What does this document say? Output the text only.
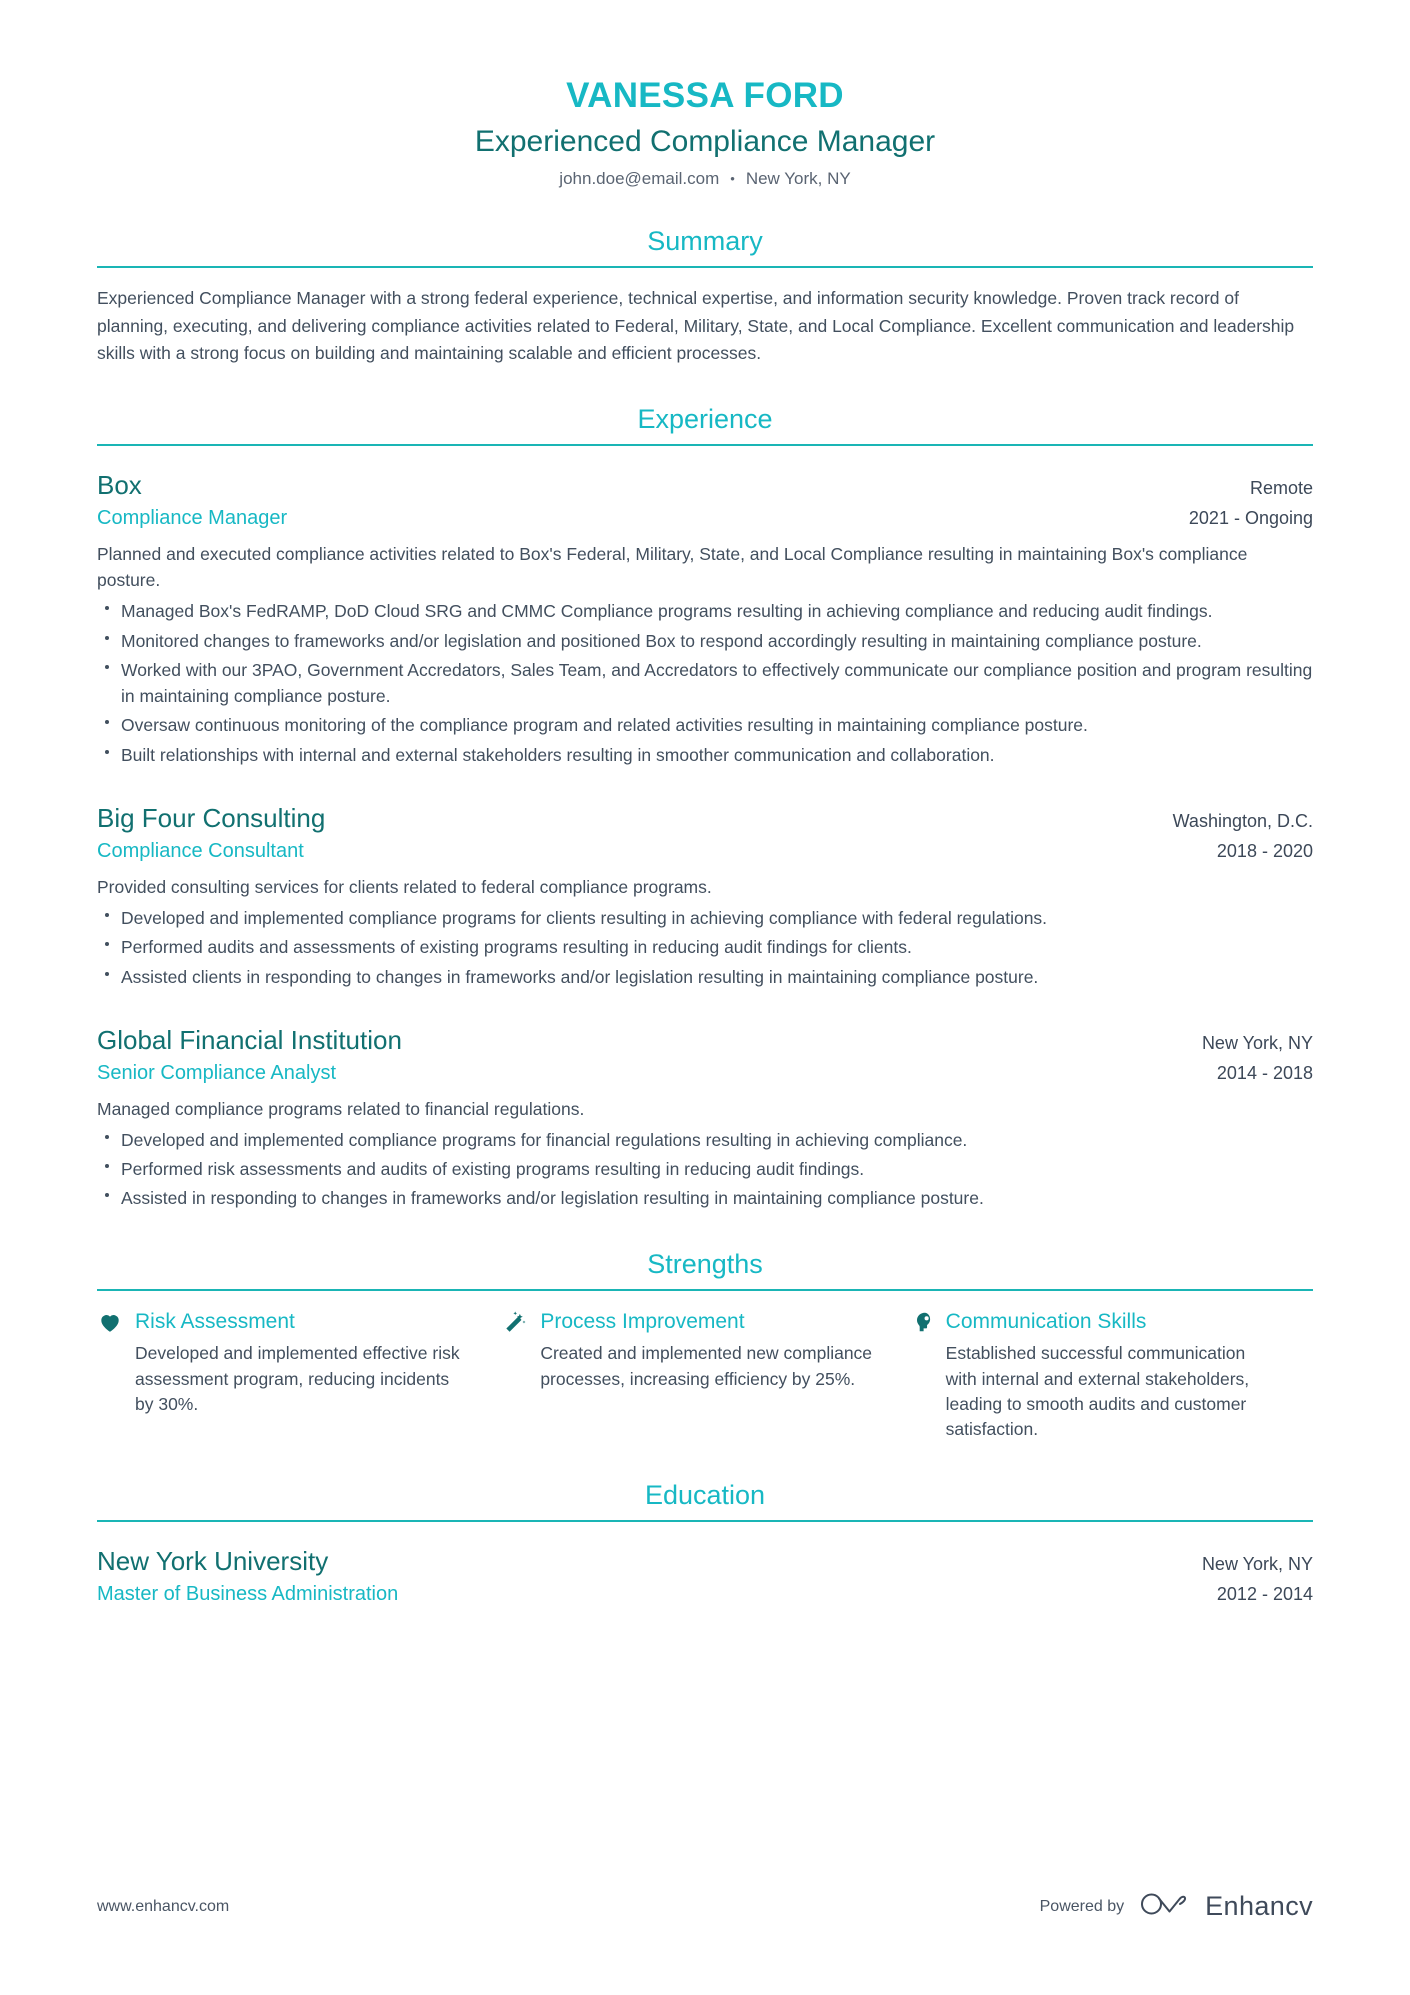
VANESSA FORD
Experienced Compliance Manager
john.doe@email.com • New York, NY
Summary

Experienced Compliance Manager with a strong federal experience, technical expertise, and information security knowledge. Proven track record of planning, executing, and delivering compliance activities related to Federal, Military, State, and Local Compliance. Excellent communication and leadership skills with a strong focus on building and maintaining scalable and efficient processes.

Experience
Box	Remote
Compliance Manager	2021 - Ongoing

Planned and executed compliance activities related to Box's Federal, Military, State, and Local Compliance resulting in maintaining Box's compliance posture.

Managed Box's FedRAMP, DoD Cloud SRG and CMMC Compliance programs resulting in achieving compliance and reducing audit findings.
Monitored changes to frameworks and/or legislation and positioned Box to respond accordingly resulting in maintaining compliance posture.
Worked with our 3PAO, Government Accredators, Sales Team, and Accredators to effectively communicate our compliance position and program resulting in maintaining compliance posture.
Oversaw continuous monitoring of the compliance program and related activities resulting in maintaining compliance posture.
Built relationships with internal and external stakeholders resulting in smoother communication and collaboration.
Big Four Consulting	Washington, D.C.
Compliance Consultant	2018 - 2020

Provided consulting services for clients related to federal compliance programs.

Developed and implemented compliance programs for clients resulting in achieving compliance with federal regulations.
Performed audits and assessments of existing programs resulting in reducing audit findings for clients.
Assisted clients in responding to changes in frameworks and/or legislation resulting in maintaining compliance posture.
Global Financial Institution	New York, NY
Senior Compliance Analyst	2014 - 2018

Managed compliance programs related to financial regulations.

Developed and implemented compliance programs for financial regulations resulting in achieving compliance.
Performed risk assessments and audits of existing programs resulting in reducing audit findings.
Assisted in responding to changes in frameworks and/or legislation resulting in maintaining compliance posture.
Strengths
Risk Assessment

Developed and implemented effective risk assessment program, reducing incidents by 30%.

Process Improvement

Created and implemented new compliance processes, increasing efficiency by 25%.

Communication Skills

Established successful communication with internal and external stakeholders, leading to smooth audits and customer satisfaction.

Education
New York University	New York, NY
Master of Business Administration	2012 - 2014
www.enhancv.com	Powered by	Enhancv
